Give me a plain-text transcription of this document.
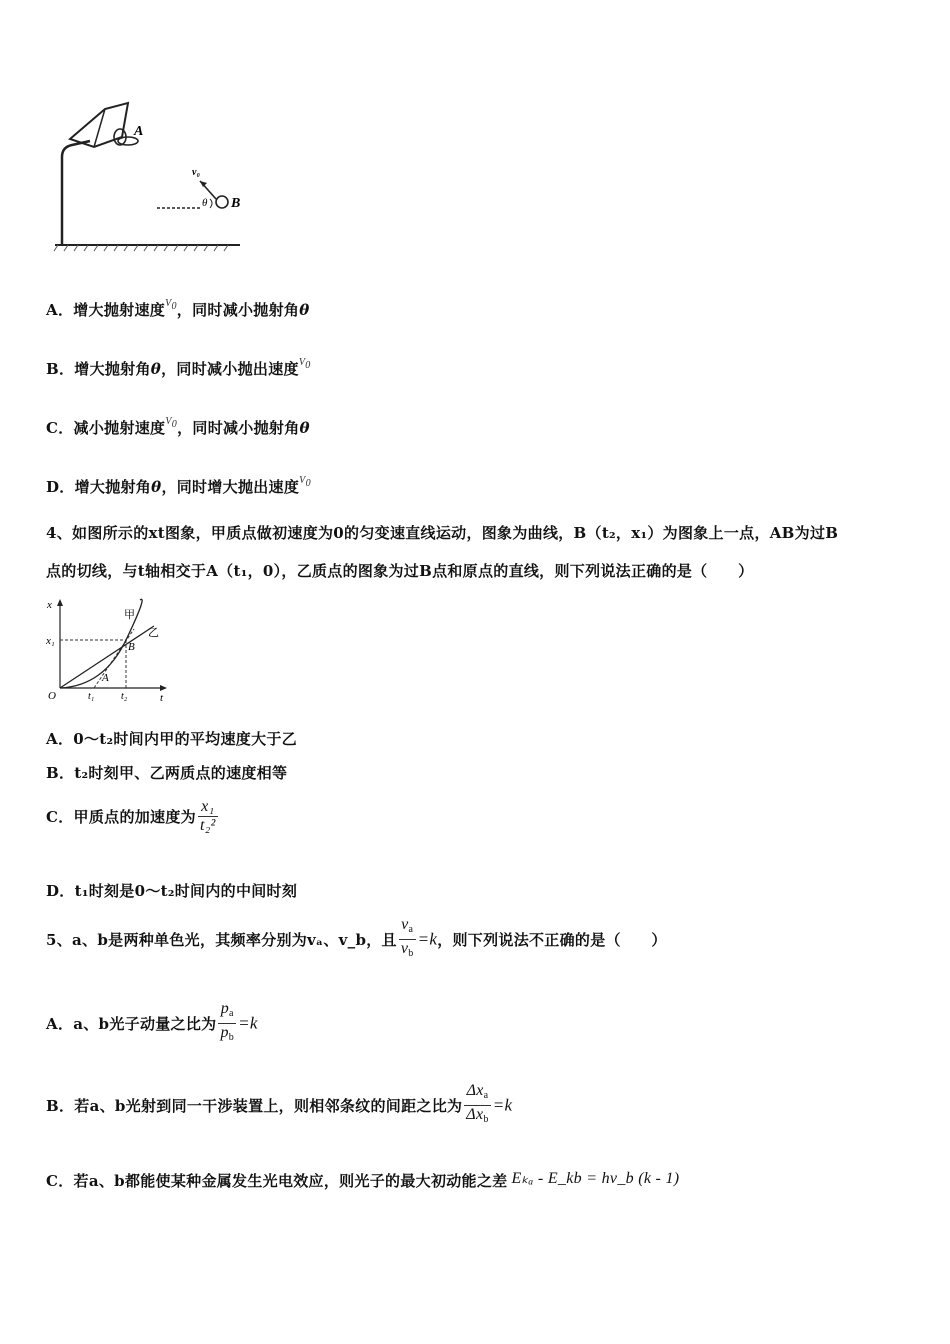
A
v₀
θ B
A．增大抛射速度$^{V0}$，同时减小抛射角θ
B．增大抛射角θ，同时减小抛出速度$^{V0}$
C．减小抛射速度$^{V0}$，同时减小抛射角θ
D．增大抛射角θ，同时增大抛出速度$^{V0}$
4、如图所示的xt图象，甲质点做初速度为0的匀变速直线运动，图象为曲线，B（t₂，x₁）为图象上一点，AB为过B
点的切线，与t轴相交于A（t₁，0），乙质点的图象为过B点和原点的直线，则下列说法正确的是（　　）
x
t
O
x₁
t₁	t₂
A
B
甲
乙
A．0～t₂时间内甲的平均速度大于乙
B．t₂时刻甲、乙两质点的速度相等
C．甲质点的加速度为 $\frac{\text{x₁}}{\text{t₂²}}$
D．t₁时刻是0～t₂时间内的中间时刻
5、a、b是两种单色光，其频率分别为vₐ、v_b，且 $\frac{va}{vb} =k$，则下列说法不正确的是（　　）
A．a、b光子动量之比为 $\frac{pa}{pb} =k$
B．若a、b光射到同一干涉装置上，则相邻条纹的间距之比为 $\frac{\text{Δxa}}{\text{Δxb}} =k$
C．若a、b都能使某种金属发生光电效应，则光子的最大初动能之差 Eₖₐ - E_kb = hv_b (k - 1)
